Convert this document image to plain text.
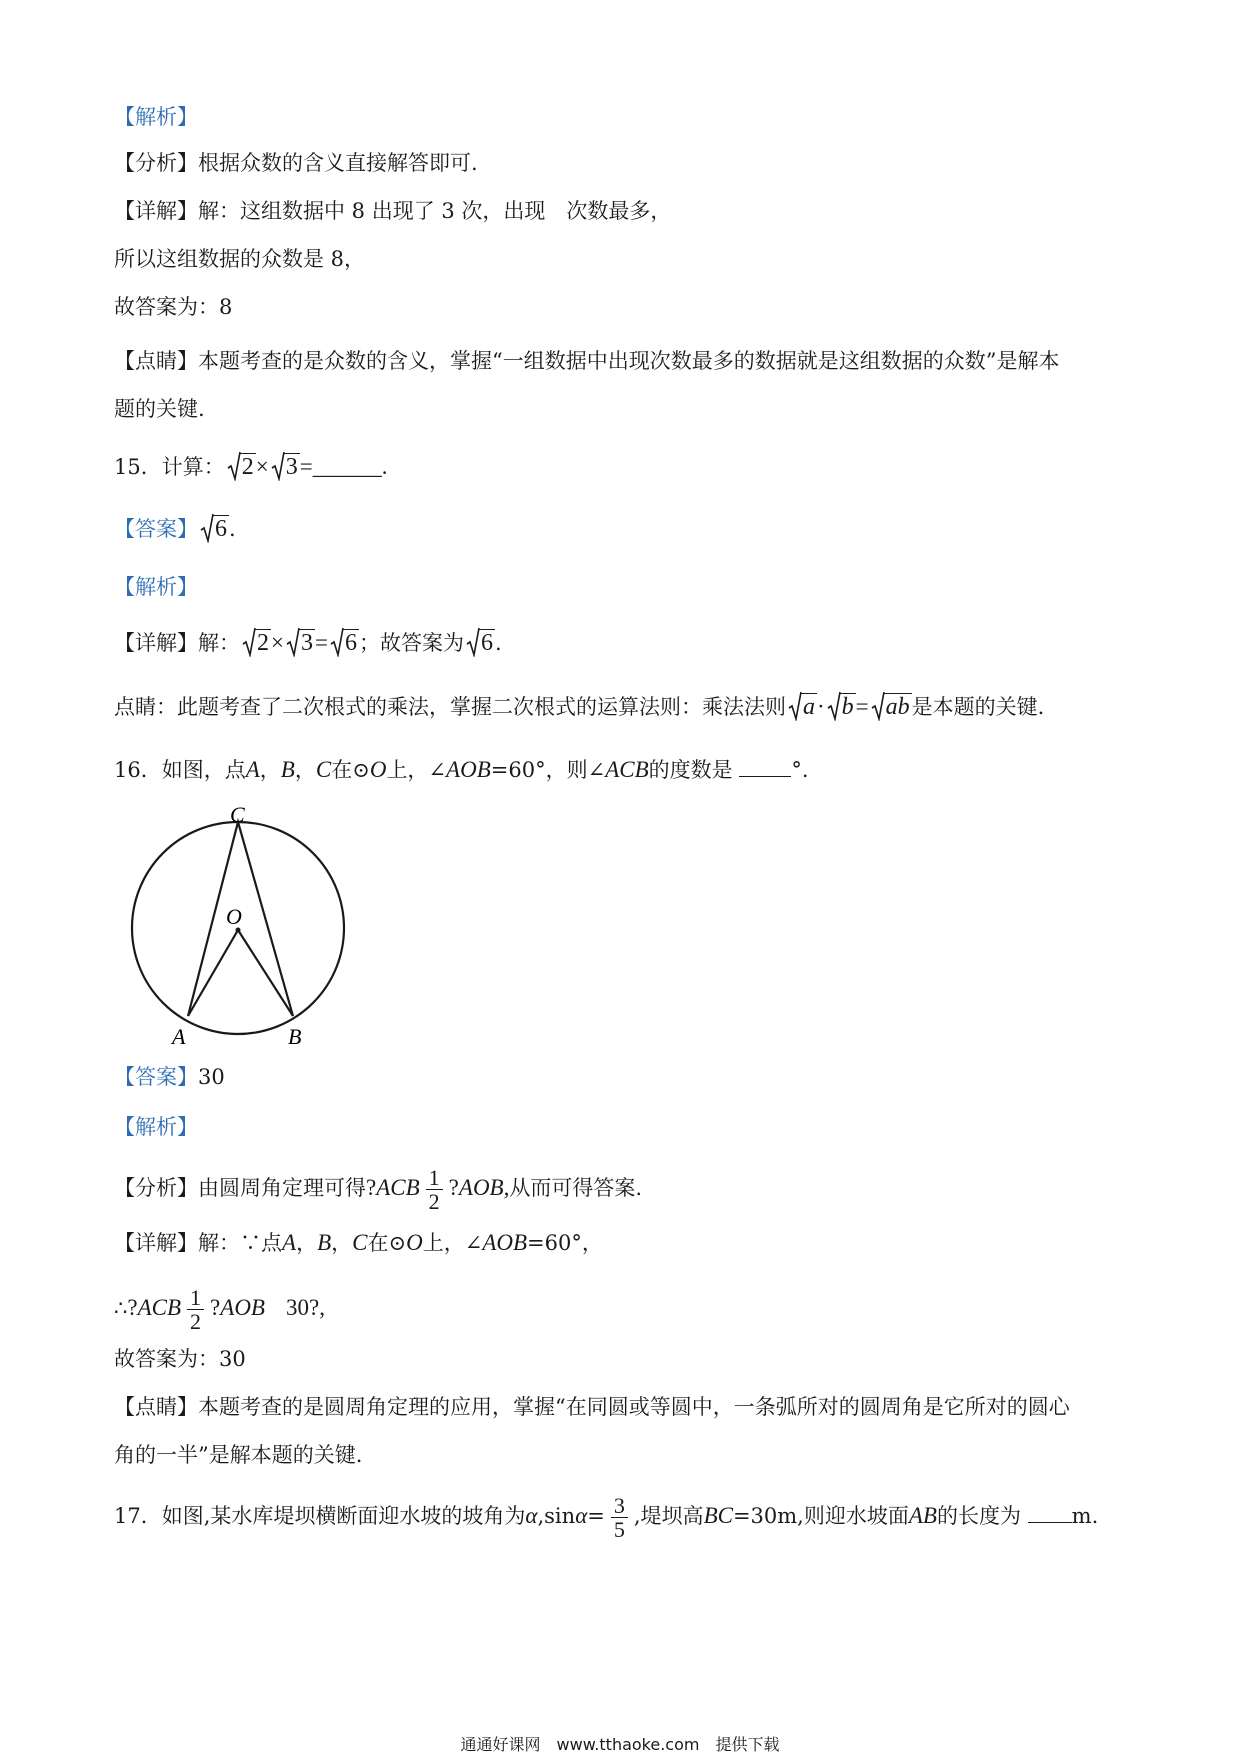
【解析】
【分析】根据众数的含义直接解答即可.
【详解】解：这组数据中 8 出现了 3 次，出现　次数最多，
所以这组数据的众数是 8，
故答案为：8
【点睛】本题考查的是众数的含义，掌握“一组数据中出现次数最多的数据就是这组数据的众数”是解本
题的关键.
15．计算： 2× 3=______.
【答案】 6.
【解析】
【详解】解： 2× 3= 6；故答案为 6.
点睛：此题考查了二次根式的乘法，掌握二次根式的运算法则：乘法法则 a· b= ab是本题的关键.
16．如图，点A，B，C在⊙O上，∠AOB=60°，则∠ACB的度数是	°.
C
O
A	B
【答案】30
【解析】
【分析】由圆周角定理可得?ACB $\frac{1}{2}$ ?AOB,从而可得答案.
【详解】解：∵点A，B，C在⊙O上，∠AOB=60°，
∴?ACB $\frac{1}{2}$ ?AOB  30?,
故答案为：30
【点睛】本题考查的是圆周角定理的应用，掌握“在同圆或等圆中，一条弧所对的圆周角是它所对的圆心
角的一半”是解本题的关键.
17．如图,某水库堤坝横断面迎水坡的坡角为$\alpha,\sin\alpha= \frac{3}{5}$ ,堤坝高BC=30m,则迎水坡面AB的长度为 m.
通通好课网　www.tthaoke.com　提供下载
